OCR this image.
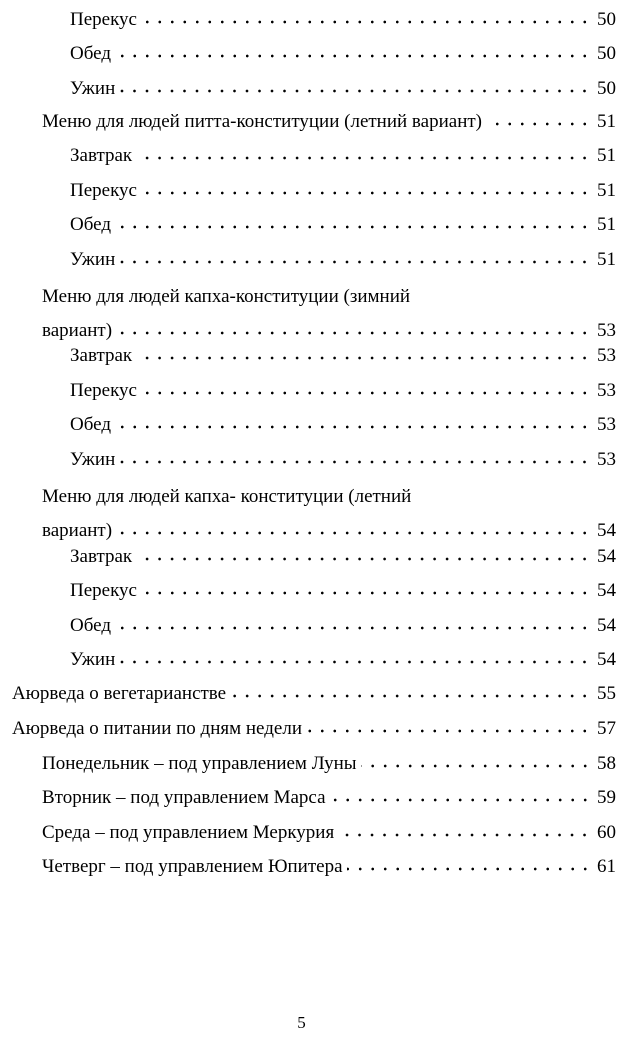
Перекус	50
Обед	50
Ужин	50
Меню для людей питта-конституции (летний вариант)	51
Завтрак	51
Перекус	51
Обед	51
Ужин	51
Меню для людей капха-конституции (зимний
вариант)	53
Завтрак	53
Перекус	53
Обед	53
Ужин	53
Меню для людей капха- конституции (летний
вариант)	54
Завтрак	54
Перекус	54
Обед	54
Ужин	54
Аюрведа о вегетарианстве	55
Аюрведа о питании по дням недели	57
Понедельник – под управлением Луны	58
Вторник – под управлением Марса	59
Среда – под управлением Меркурия	60
Четверг – под управлением Юпитера	61
5
